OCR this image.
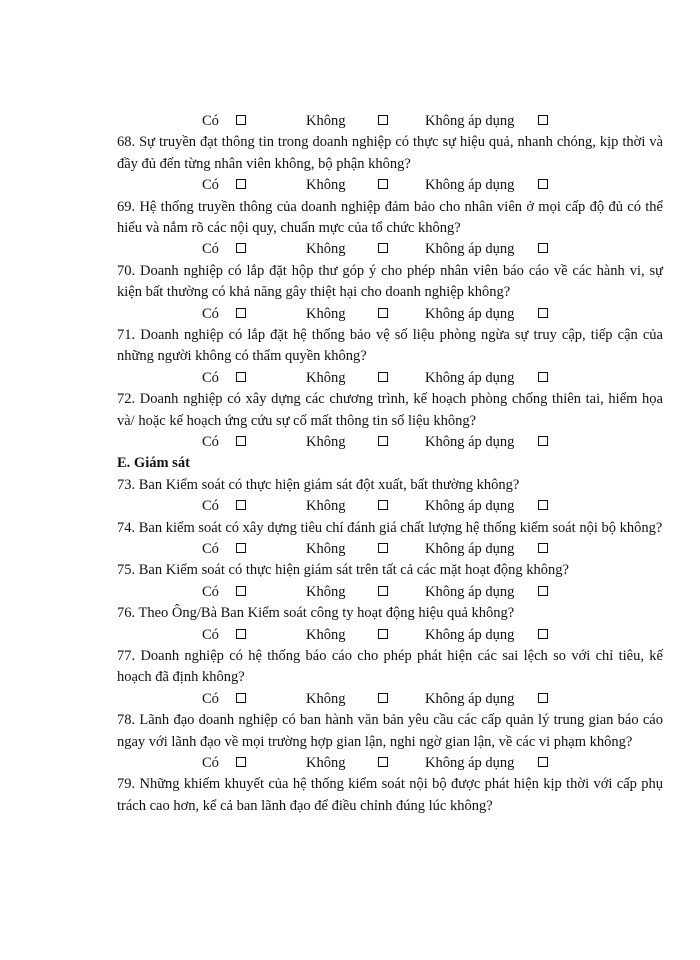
Có	Không	Không áp dụng

68. Sự truyền đạt thông tin trong doanh nghiệp có thực sự hiệu quả, nhanh chóng, kịp thời và đầy đủ đến từng nhân viên không, bộ phận không?

Có	Không	Không áp dụng

69. Hệ thống truyền thông của doanh nghiệp đảm bảo cho nhân viên ở mọi cấp độ đủ có thể hiểu và nắm rõ các nội quy, chuẩn mực của tổ chức không?

Có	Không	Không áp dụng

70. Doanh nghiệp có lắp đặt hộp thư góp ý cho phép nhân viên báo cáo về các hành vi, sự kiện bất thường có khả năng gây thiệt hại cho doanh nghiệp không?

Có	Không	Không áp dụng

71. Doanh nghiệp có lắp đặt hệ thống bảo vệ số liệu phòng ngừa sự truy cập, tiếp cận của những người không có thẩm quyền không?

Có	Không	Không áp dụng

72. Doanh nghiệp có xây dựng các chương trình, kế hoạch phòng chống thiên tai, hiểm họa và/ hoặc kế hoạch ứng cứu sự cố mất thông tin số liệu không?

Có	Không	Không áp dụng

E. Giám sát

73. Ban Kiểm soát có thực hiện giám sát đột xuất, bất thường không?

Có	Không	Không áp dụng

74. Ban kiểm soát có xây dựng tiêu chí đánh giá chất lượng hệ thống kiểm soát nội bộ không?

Có	Không	Không áp dụng

75. Ban Kiểm soát có thực hiện giám sát trên tất cả các mặt hoạt động không?

Có	Không	Không áp dụng

76. Theo Ông/Bà Ban Kiểm soát công ty hoạt động hiệu quả không?

Có	Không	Không áp dụng

77. Doanh nghiệp có hệ thống báo cáo cho phép phát hiện các sai lệch so với chỉ tiêu, kế hoạch đã định không?

Có	Không	Không áp dụng

78. Lãnh đạo doanh nghiệp có ban hành văn bản yêu cầu các cấp quản lý trung gian báo cáo ngay với lãnh đạo về mọi trường hợp gian lận, nghi ngờ gian lận, về các vi phạm không?

Có	Không	Không áp dụng

79. Những khiếm khuyết của hệ thống kiểm soát nội bộ được phát hiện kịp thời với cấp phụ trách cao hơn, kể cả ban lãnh đạo để điều chỉnh đúng lúc không?
